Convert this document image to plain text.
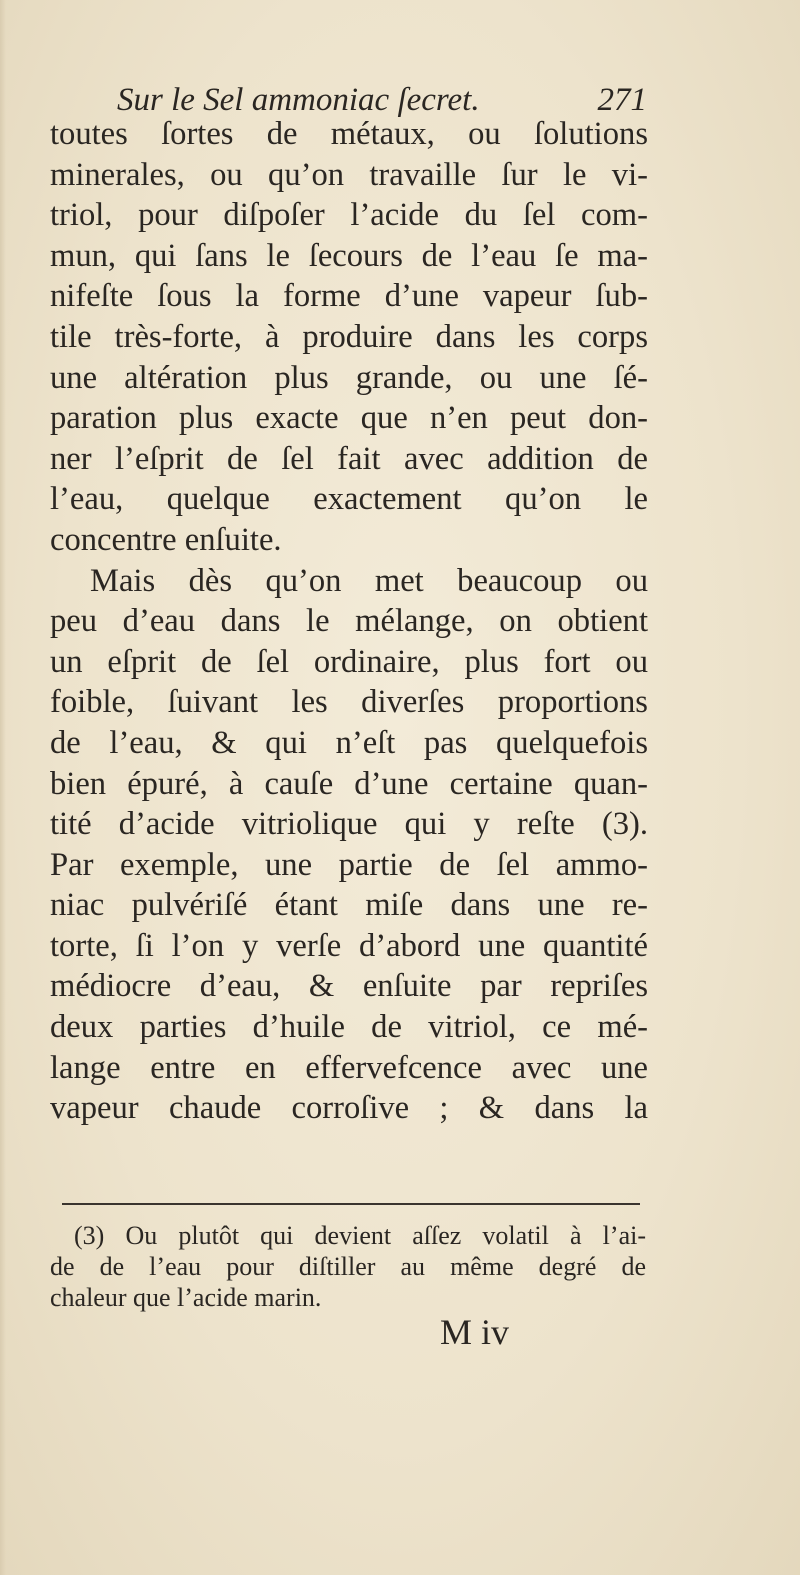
Sur le Sel ammoniac ſecret.	271
toutes ſortes de métaux, ou ſolutions
minerales, ou qu’on travaille ſur le vi-
triol, pour diſpoſer l’acide du ſel com-
mun, qui ſans le ſecours de l’eau ſe ma-
nifeſte ſous la forme d’une vapeur ſub-
tile très-forte, à produire dans les corps
une altération plus grande, ou une ſé-
paration plus exacte que n’en peut don-
ner l’eſprit de ſel fait avec addition de
l’eau, quelque exactement qu’on le
concentre enſuite.
Mais dès qu’on met beaucoup ou
peu d’eau dans le mélange, on obtient
un eſprit de ſel ordinaire, plus fort ou
foible, ſuivant les diverſes proportions
de l’eau, & qui n’eſt pas quelquefois
bien épuré, à cauſe d’une certaine quan-
tité d’acide vitriolique qui y reſte (3).
Par exemple, une partie de ſel ammo-
niac pulvériſé étant miſe dans une re-
torte, ſi l’on y verſe d’abord une quantité
médiocre d’eau, & enſuite par repriſes
deux parties d’huile de vitriol, ce mé-
lange entre en effervefcence avec une
vapeur chaude corroſive ; & dans la
(3) Ou plutôt qui devient aſſez volatil à l’ai-
de de l’eau pour diſtiller au même degré de
chaleur que l’acide marin.
M iv
